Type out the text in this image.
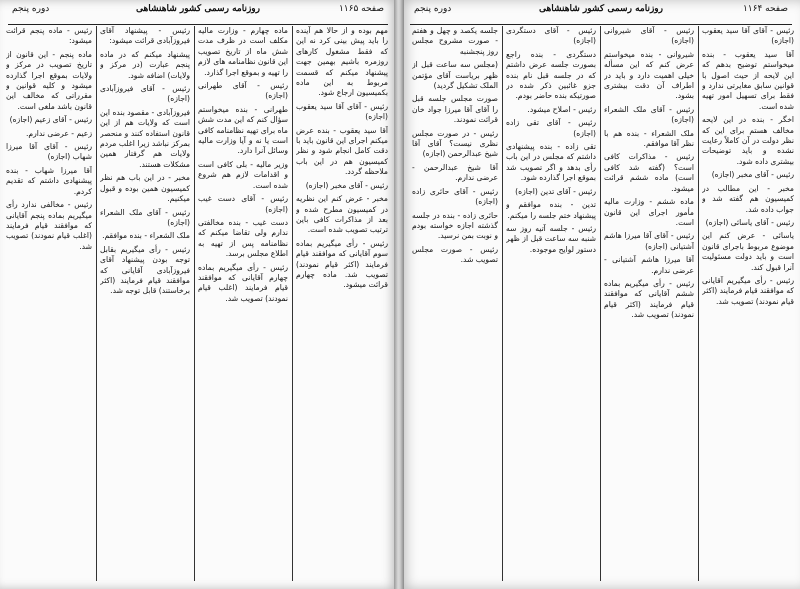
صفحه ۱۱۶۵
روزنامه رسمی کشور شاهنشاهی
دوره پنجم

مهم بوده و از حالا هم آینده را باید پیش بینی کرد نه این که فقط مشغول کارهای روزمره باشیم بهمین جهت پیشنهاد میکنم که قسمت مربوط به این ماده بکمیسیون ارجاع شود.

رئیس - آقای آقا سید یعقوب (اجازه)

آقا سید یعقوب - بنده عرض میکنم اجرای این قانون باید با دقت کامل انجام شود و نظر کمیسیون هم در این باب ملاحظه گردد.

رئیس - آقای مخبر (اجازه)

مخبر - عرض کنم این نظریه در کمیسیون مطرح شده و بعد از مذاکرات کافی باین ترتیب تصویب شده است.

رئیس - رأی میگیریم بماده سوم آقایانی که موافقند قیام فرمایند (اکثر قیام نمودند) تصویب شد. ماده چهارم قرائت میشود.

ماده چهارم - وزارت مالیه مکلف است در ظرف مدت شش ماه از تاریخ تصویب این قانون نظامنامه های لازم را تهیه و بموقع اجرا گذارد.

رئیس - آقای طهرانی (اجازه)

طهرانی - بنده میخواستم سؤال کنم که این مدت شش ماه برای تهیه نظامنامه کافی است یا نه و آیا وزارت مالیه وسائل آنرا دارد.

وزیر مالیه - بلی کافی است و اقدامات لازم هم شروع شده است.

رئیس - آقای دست غیب (اجازه)

دست غیب - بنده مخالفتی ندارم ولی تقاضا میکنم که نظامنامه پس از تهیه به اطلاع مجلس برسد.

رئیس - رأی میگیریم بماده چهارم آقایانی که موافقند قیام فرمایند (اغلب قیام نمودند) تصویب شد.

رئیس - پیشنهاد آقای فیروزآبادی قرائت میشود:

پیشنهاد میکنم که در ماده پنجم عبارت (در مرکز و ولایات) اضافه شود.

رئیس - آقای فیروزآبادی (اجازه)

فیروزآبادی - مقصود بنده این است که ولایات هم از این قانون استفاده کنند و منحصر بمرکز نباشد زیرا اغلب مردم ولایات هم گرفتار همین مشکلات هستند.

مخبر - در این باب هم نظر کمیسیون همین بوده و قبول میکنیم.

رئیس - آقای ملک الشعراء (اجازه)

ملک الشعراء - بنده موافقم.

رئیس - رأی میگیریم بقابل توجه بودن پیشنهاد آقای فیروزآبادی آقایانی که موافقند قیام فرمایند (اکثر برخاستند) قابل توجه شد.

رئیس - ماده پنجم قرائت میشود:

ماده پنجم - این قانون از تاریخ تصویب در مرکز و ولایات بموقع اجرا گذارده میشود و کلیه قوانین و مقرراتی که مخالف این قانون باشد ملغی است.

رئیس - آقای زعیم (اجازه)

زعیم - عرضی ندارم.

رئیس - آقای آقا میرزا شهاب (اجازه)

آقا میرزا شهاب - بنده پیشنهادی داشتم که تقدیم کردم.

رئیس - مخالفی ندارد رأی میگیریم بماده پنجم آقایانی که موافقند قیام فرمایند (اغلب قیام نمودند) تصویب شد.

صفحه ۱۱۶۴
روزنامه رسمی کشور شاهنشاهی
دوره پنجم

رئیس - آقای آقا سید یعقوب (اجازه)

آقا سید یعقوب - بنده میخواستم توضیح بدهم که این لایحه از حیث اصول با قوانین سابق مغایرتی ندارد و فقط برای تسهیل امور تهیه شده است.

اخگر - بنده در این لایحه مخالف هستم برای این که نظر دولت در آن کاملاً رعایت نشده و باید توضیحات بیشتری داده شود.

رئیس - آقای مخبر (اجازه)

مخبر - این مطالب در کمیسیون هم گفته شد و جواب داده شد.

رئیس - آقای یاسائی (اجازه)

یاسائی - عرض کنم این موضوع مربوط باجرای قانون است و باید دولت مسئولیت آنرا قبول کند.

رئیس - رأی میگیریم آقایانی که موافقند قیام فرمایند (اکثر قیام نمودند) تصویب شد.

رئیس - آقای شیروانی (اجازه)

شیروانی - بنده میخواستم عرض کنم که این مسأله خیلی اهمیت دارد و باید در اطراف آن دقت بیشتری بشود.

رئیس - آقای ملک الشعراء (اجازه)

ملک الشعراء - بنده هم با نظر آقا موافقم.

رئیس - مذاکرات کافی است؟ (گفته شد کافی است) ماده ششم قرائت میشود.

ماده ششم - وزارت مالیه مأمور اجرای این قانون است.

رئیس - آقای آقا میرزا هاشم آشتیانی (اجازه)

آقا میرزا هاشم آشتیانی - عرضی ندارم.

رئیس - رأی میگیریم بماده ششم آقایانی که موافقند قیام فرمایند (اکثر قیام نمودند) تصویب شد.

رئیس - آقای دستگردی (اجازه)

دستگردی - بنده راجع بصورت جلسه عرض داشتم که در جلسه قبل نام بنده جزو غائبین ذکر شده در صورتیکه بنده حاضر بودم.

رئیس - اصلاح میشود.

رئیس - آقای تقی زاده (اجازه)

تقی زاده - بنده پیشنهادی داشتم که مجلس در این باب رأی بدهد و اگر تصویب شد بموقع اجرا گذارده شود.

رئیس - آقای تدین (اجازه)

تدین - بنده موافقم و پیشنهاد ختم جلسه را میکنم.

رئیس - جلسه آتیه روز سه شنبه سه ساعت قبل از ظهر دستور لوایح موجوده.

جلسه یکصد و چهل و هفتم - صورت مشروح مجلس روز پنجشنبه

(مجلس سه ساعت قبل از ظهر بریاست آقای مؤتمن الملک تشکیل گردید)

صورت مجلس جلسه قبل را آقای آقا میرزا جواد خان قرائت نمودند.

رئیس - در صورت مجلس نظری نیست؟ آقای آقا شیخ عبدالرحمن (اجازه)

آقا شیخ عبدالرحمن - عرضی ندارم.

رئیس - آقای حائری زاده (اجازه)

حائری زاده - بنده در جلسه گذشته اجازه خواسته بودم و نوبت بمن نرسید.

رئیس - صورت مجلس تصویب شد.
